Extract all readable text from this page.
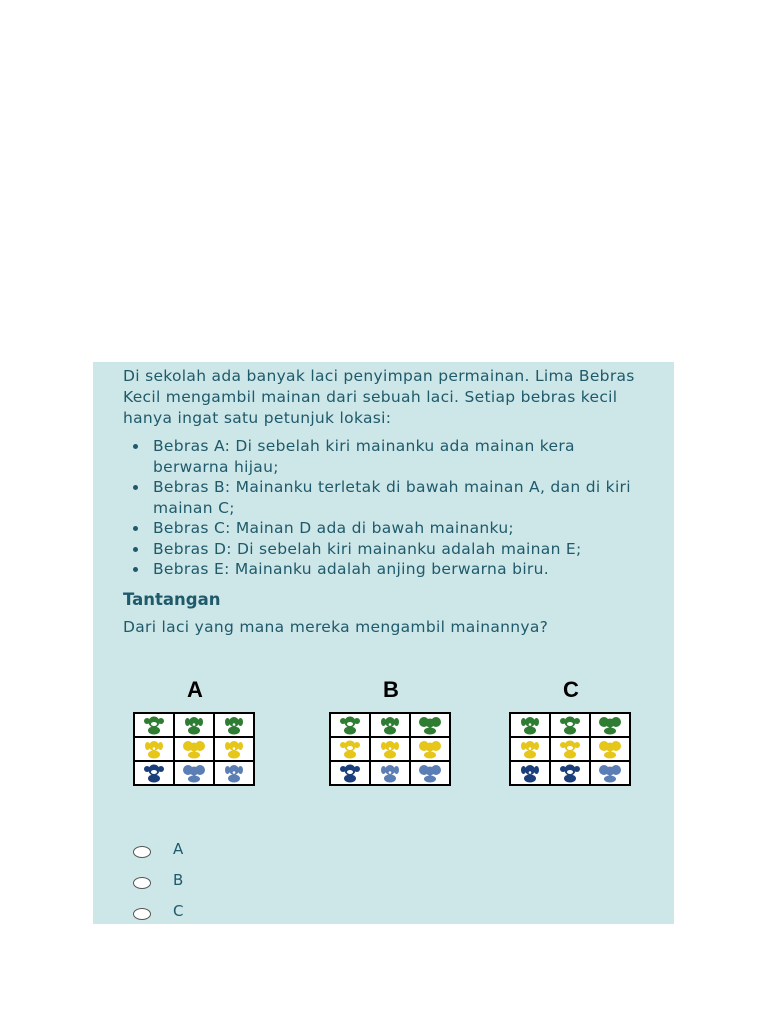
Di sekolah ada banyak laci penyimpan permainan. Lima Bebras Kecil mengambil mainan dari sebuah laci. Setiap bebras kecil hanya ingat satu petunjuk lokasi:

Bebras A: Di sebelah kiri mainanku ada mainan kera berwarna hijau;
Bebras B: Mainanku terletak di bawah mainan A, dan di kiri mainan C;
Bebras C: Mainan D ada di bawah mainanku;
Bebras D: Di sebelah kiri mainanku adalah mainan E;
Bebras E: Mainanku adalah anjing berwarna biru.
Tantangan

Dari laci yang mana mereka mengambil mainannya?

A	B	C
A
B
C
